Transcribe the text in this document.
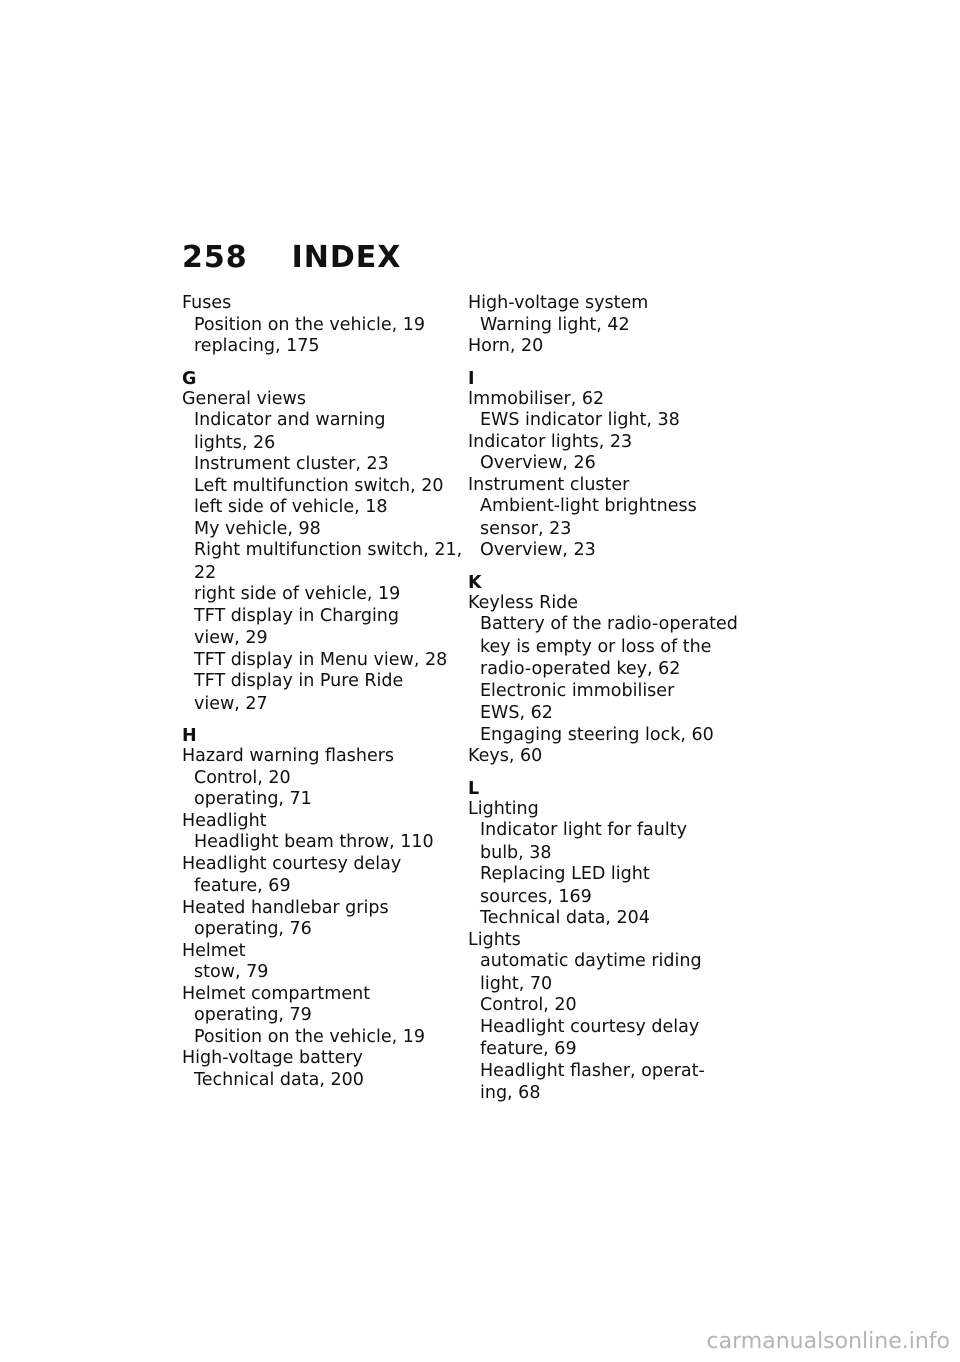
258 INDEX
Fuses
Position on the vehicle, 19
replacing, 175
G
General views
Indicator and warning
lights, 26
Instrument cluster, 23
Left multifunction switch, 20
left side of vehicle, 18
My vehicle, 98
Right multifunction switch, 21,
22
right side of vehicle, 19
TFT display in Charging
view, 29
TFT display in Menu view, 28
TFT display in Pure Ride
view, 27
H
Hazard warning flashers
Control, 20
operating, 71
Headlight
Headlight beam throw, 110
Headlight courtesy delay
feature, 69
Heated handlebar grips
operating, 76
Helmet
stow, 79
Helmet compartment
operating, 79
Position on the vehicle, 19
High-voltage battery
Technical data, 200
High-voltage system
Warning light, 42
Horn, 20
I
Immobiliser, 62
EWS indicator light, 38
Indicator lights, 23
Overview, 26
Instrument cluster
Ambient-light brightness
sensor, 23
Overview, 23
K
Keyless Ride
Battery of the radio-operated
key is empty or loss of the
radio-operated key, 62
Electronic immobiliser
EWS, 62
Engaging steering lock, 60
Keys, 60
L
Lighting
Indicator light for faulty
bulb, 38
Replacing LED light
sources, 169
Technical data, 204
Lights
automatic daytime riding
light, 70
Control, 20
Headlight courtesy delay
feature, 69
Headlight flasher, operat-
ing, 68
carmanualsonline.info
